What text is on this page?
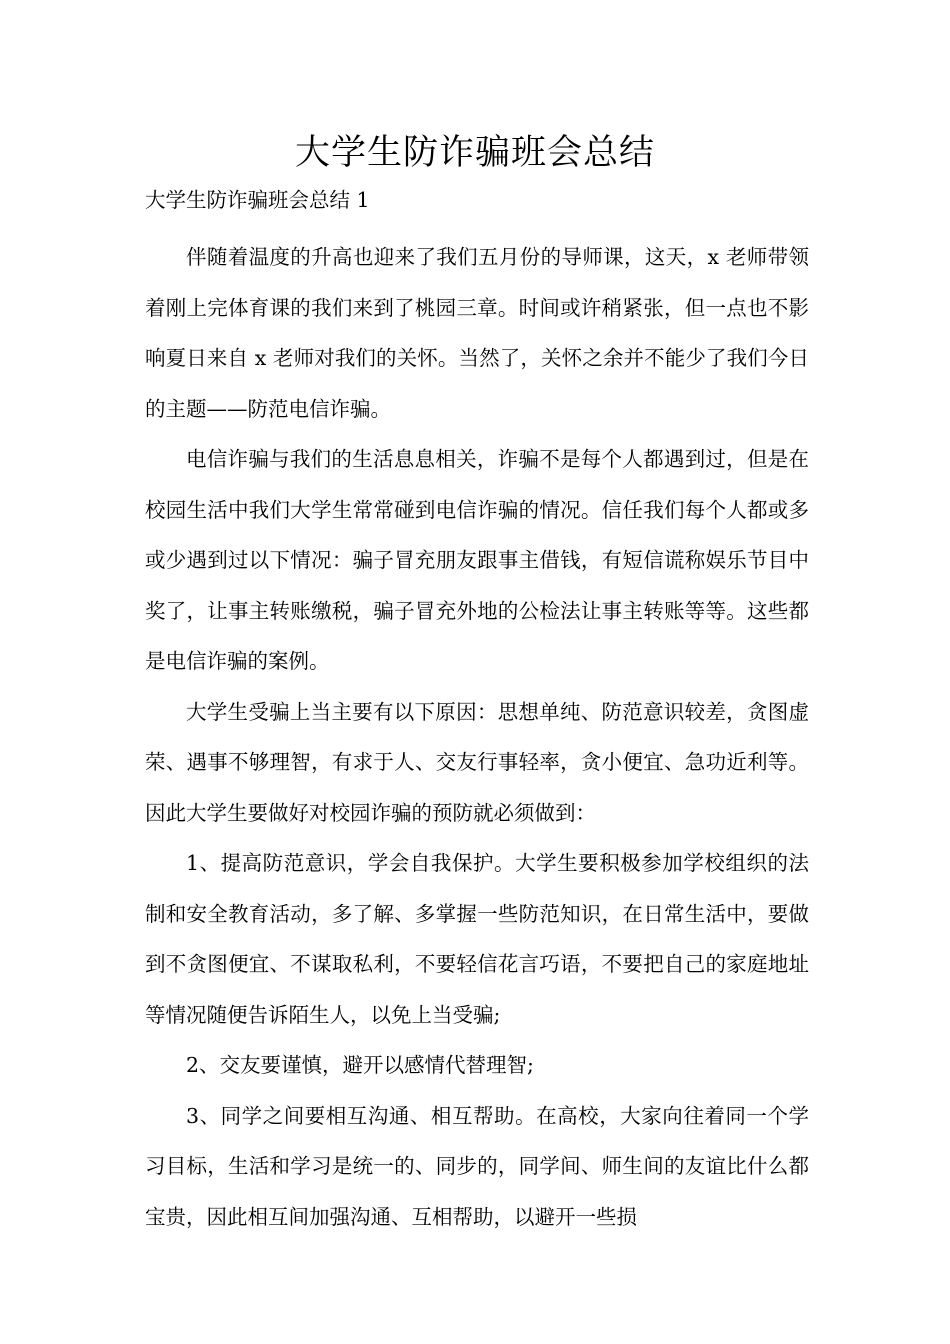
大学生防诈骗班会总结

大学生防诈骗班会总结 1

伴随着温度的升高也迎来了我们五月份的导师课，这天，x 老师带领着刚上完体育课的我们来到了桃园三章。时间或许稍紧张，但一点也不影响夏日来自 x 老师对我们的关怀。当然了，关怀之余并不能少了我们今日的主题——防范电信诈骗。

电信诈骗与我们的生活息息相关，诈骗不是每个人都遇到过，但是在校园生活中我们大学生常常碰到电信诈骗的情况。信任我们每个人都或多或少遇到过以下情况：骗子冒充朋友跟事主借钱，有短信谎称娱乐节目中奖了，让事主转账缴税，骗子冒充外地的公检法让事主转账等等。这些都是电信诈骗的案例。

大学生受骗上当主要有以下原因：思想单纯、防范意识较差，贪图虚荣、遇事不够理智，有求于人、交友行事轻率，贪小便宜、急功近利等。因此大学生要做好对校园诈骗的预防就必须做到：

1、提高防范意识，学会自我保护。大学生要积极参加学校组织的法制和安全教育活动，多了解、多掌握一些防范知识，在日常生活中，要做到不贪图便宜、不谋取私利，不要轻信花言巧语，不要把自己的家庭地址等情况随便告诉陌生人，以免上当受骗;

2、交友要谨慎，避开以感情代替理智;

3、同学之间要相互沟通、相互帮助。在高校，大家向往着同一个学习目标，生活和学习是统一的、同步的，同学间、师生间的友谊比什么都宝贵，因此相互间加强沟通、互相帮助，以避开一些损
